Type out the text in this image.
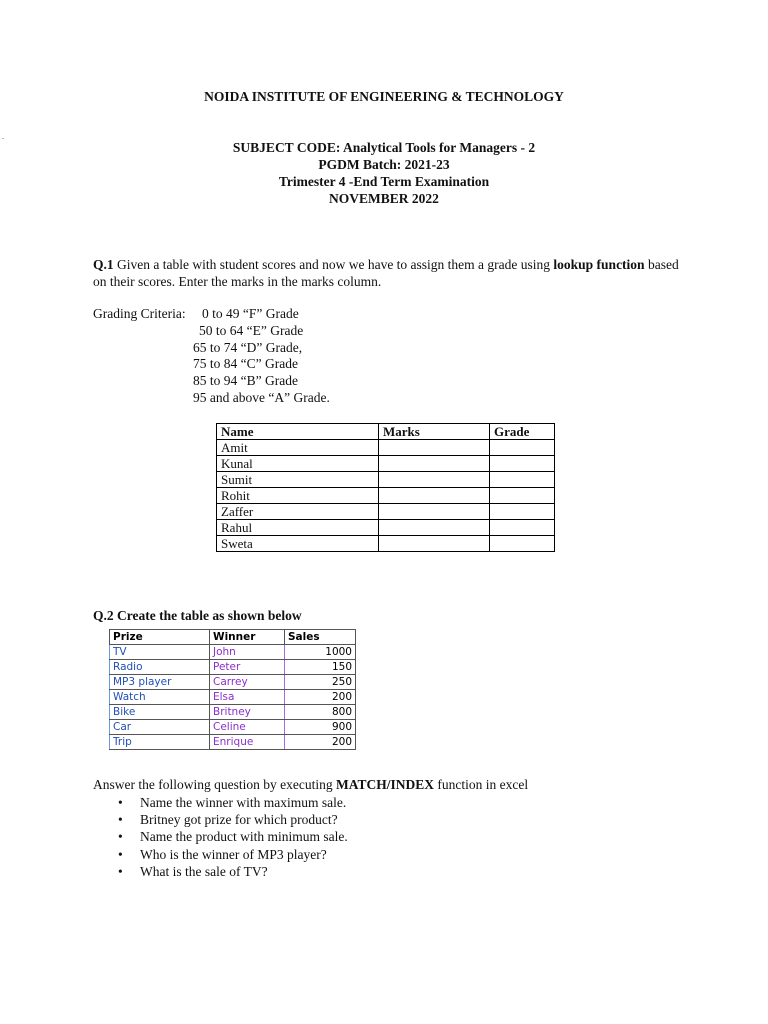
.
NOIDA INSTITUTE OF ENGINEERING & TECHNOLOGY
SUBJECT CODE: Analytical Tools for Managers - 2
PGDM Batch: 2021-23
Trimester 4 -End Term Examination
NOVEMBER 2022
Q.1 Given a table with student scores and now we have to assign them a grade using lookup function based on their scores. Enter the marks in the marks column.
Grading Criteria: 0 to 49 “F” Grade
50 to 64 “E” Grade
65 to 74 “D” Grade,
75 to 84 “C” Grade
85 to 94 “B” Grade
95 and above “A” Grade.
Name	Marks	Grade
Amit		
Kunal		
Sumit		
Rohit		
Zaffer		
Rahul		
Sweta		
Q.2 Create the table as shown below
Prize	Winner	Sales
TV	John	1000
Radio	Peter	150
MP3 player	Carrey	250
Watch	Elsa	200
Bike	Britney	800
Car	Celine	900
Trip	Enrique	200
Answer the following question by executing MATCH/INDEX function in excel
• Name the winner with maximum sale.
• Britney got prize for which product?
• Name the product with minimum sale.
• Who is the winner of MP3 player?
• What is the sale of TV?
